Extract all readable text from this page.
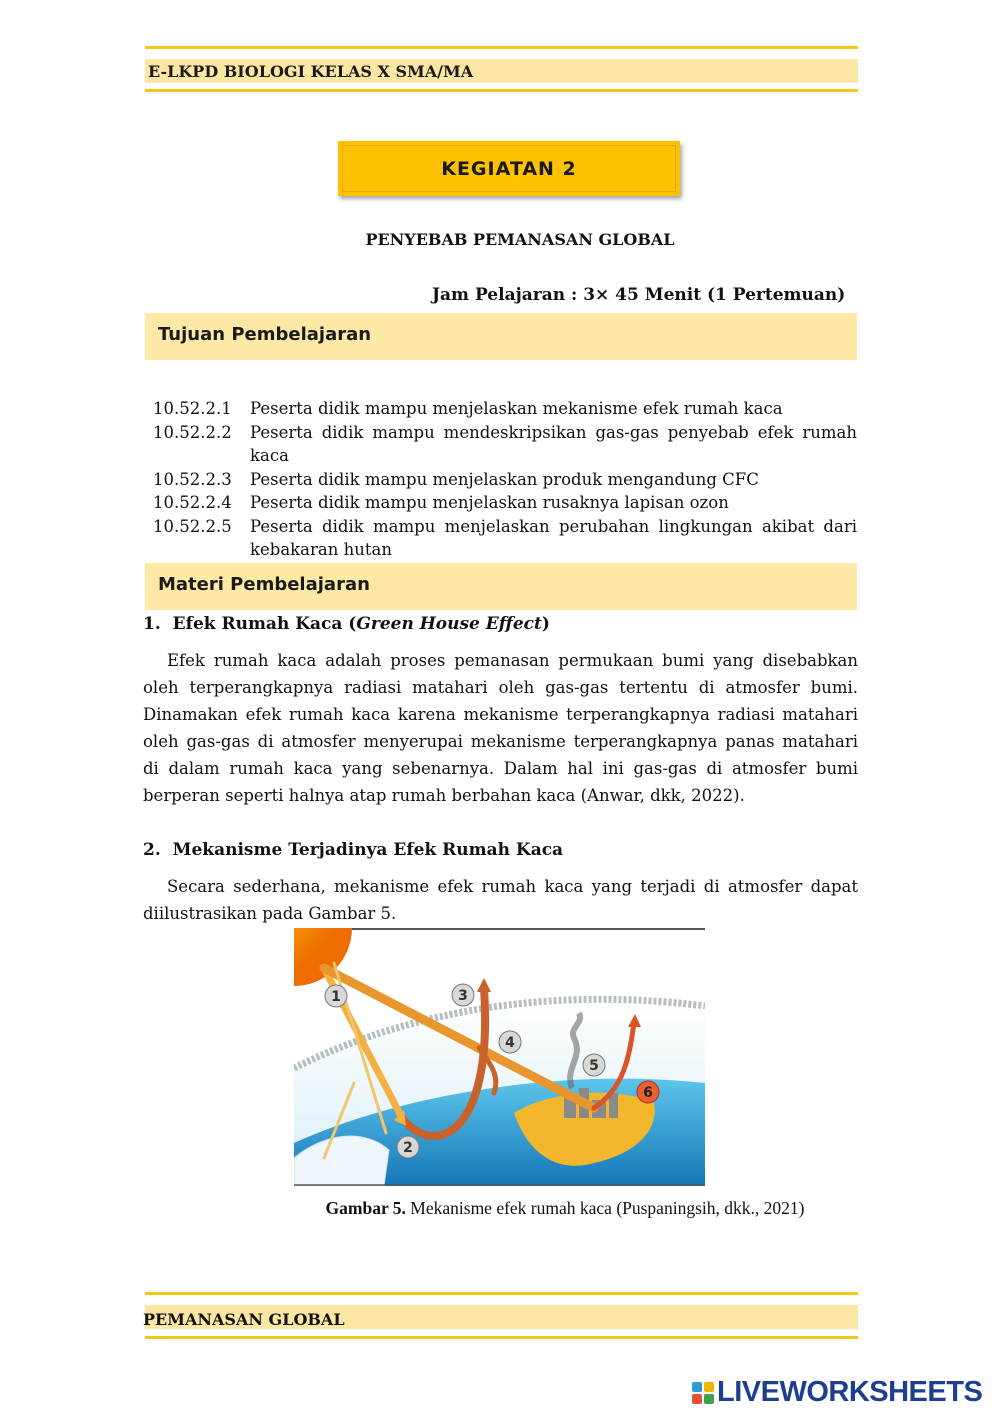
E-LKPD BIOLOGI KELAS X SMA/MA
KEGIATAN 2
PENYEBAB PEMANASAN GLOBAL
Jam Pelajaran : 3× 45 Menit (1 Pertemuan)
Tujuan Pembelajaran
10.52.2.1	Peserta didik mampu menjelaskan mekanisme efek rumah kaca
10.52.2.2	Peserta didik mampu mendeskripsikan gas-gas penyebab efek rumah kaca
10.52.2.3	Peserta didik mampu menjelaskan produk mengandung CFC
10.52.2.4	Peserta didik mampu menjelaskan rusaknya lapisan ozon
10.52.2.5	Peserta didik mampu menjelaskan perubahan lingkungan akibat dari kebakaran hutan
Materi Pembelajaran
1. Efek Rumah Kaca (Green House Effect)
Efek rumah kaca adalah proses pemanasan permukaan bumi yang disebabkan oleh terperangkapnya radiasi matahari oleh gas-gas tertentu di atmosfer bumi. Dinamakan efek rumah kaca karena mekanisme terperangkapnya radiasi matahari oleh gas-gas di atmosfer menyerupai mekanisme terperangkapnya panas matahari di dalam rumah kaca yang sebenarnya. Dalam hal ini gas-gas di atmosfer bumi berperan seperti halnya atap rumah berbahan kaca (Anwar, dkk, 2022).
2. Mekanisme Terjadinya Efek Rumah Kaca
Secara sederhana, mekanisme efek rumah kaca yang terjadi di atmosfer dapat diilustrasikan pada Gambar 5.
1
2
3
4
5
6
Gambar 5. Mekanisme efek rumah kaca (Puspaningsih, dkk., 2021)
PEMANASAN GLOBAL
LIVEWORKSHEETS
